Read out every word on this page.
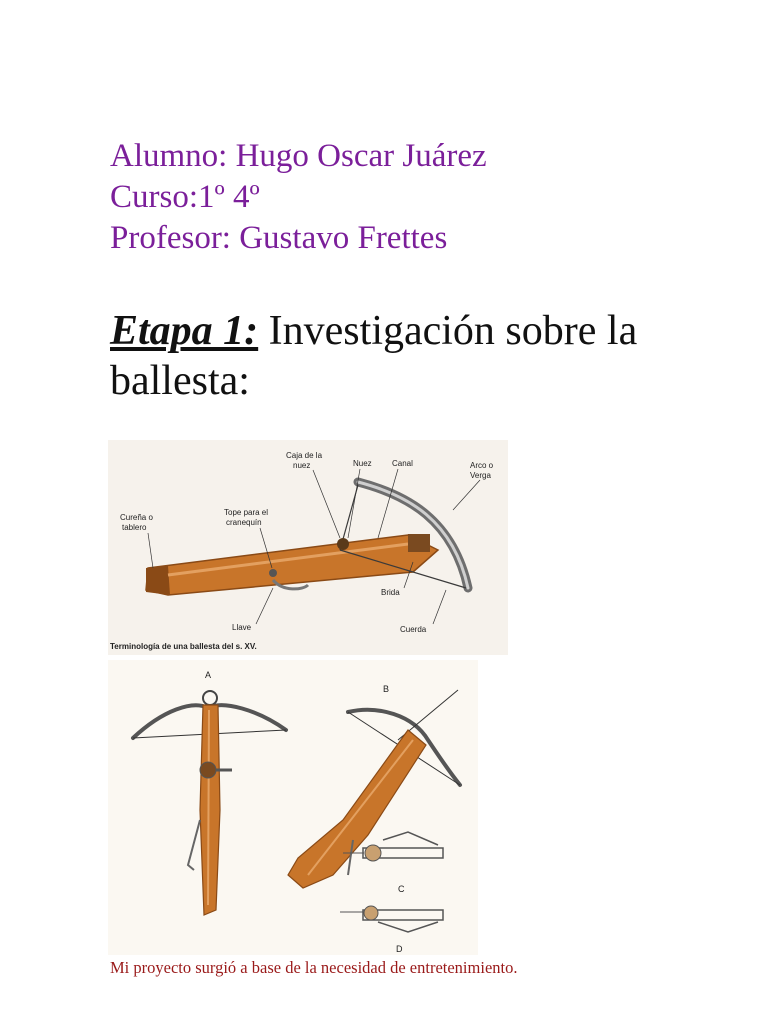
Alumno: Hugo Oscar Juárez
Curso:1º 4º
Profesor: Gustavo Frettes
Etapa 1: Investigación sobre la ballesta:
Caja de la
nuez	Nuez	Canal	Arco o
Verga
Cureña o
tablero
Tope para el
cranequín
Brida
Llave	Cuerda
Terminología de una ballesta del s. XV.
A
B
C
D
Mi proyecto surgió a base de la necesidad de entretenimiento.
